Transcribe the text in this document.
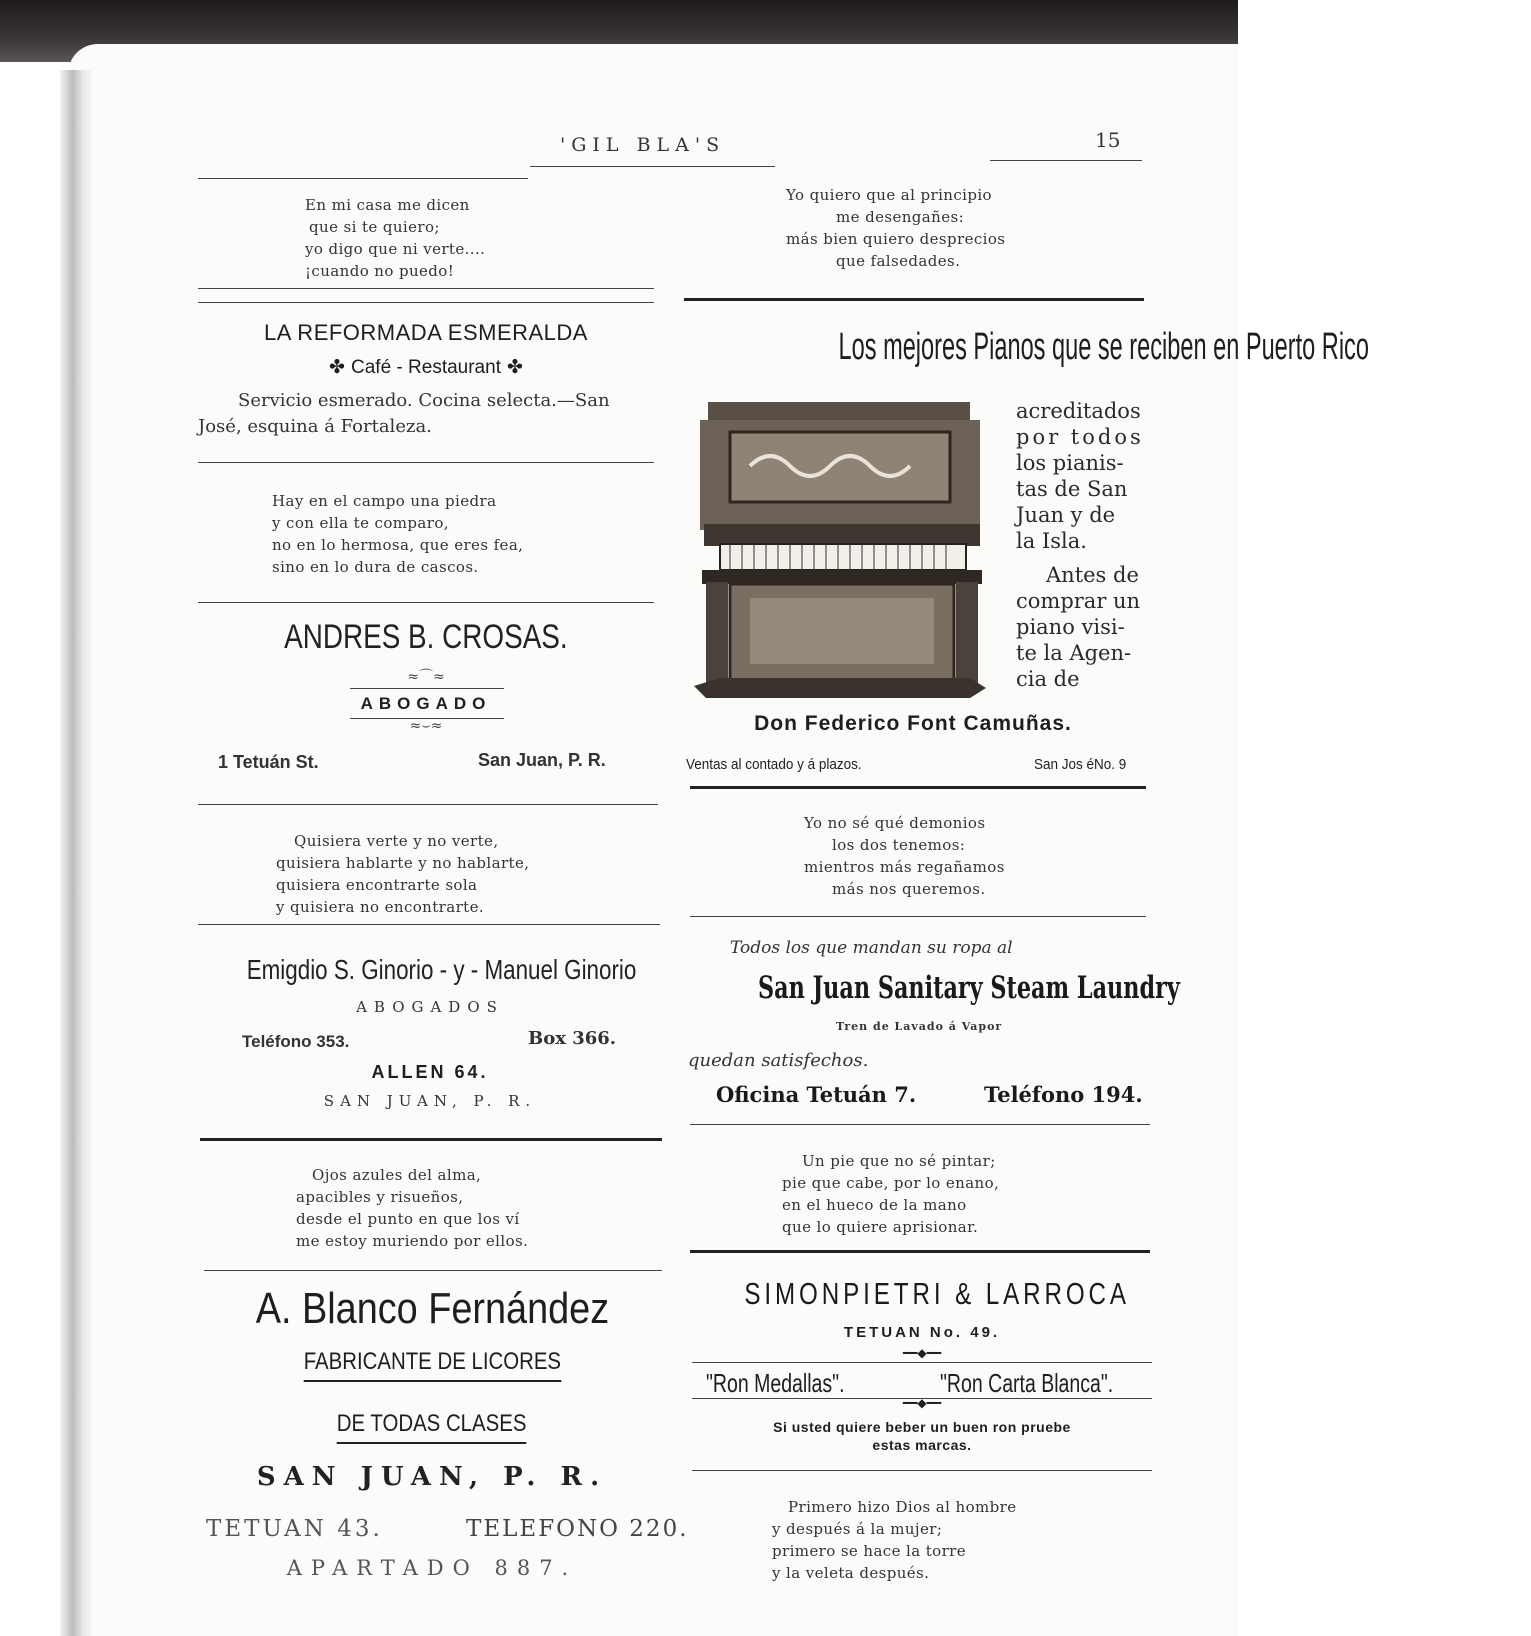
'GIL BLA'S	15
En mi casa me dicen
que si te quiero;
yo digo que ni verte....
¡cuando no puedo!
LA REFORMADA ESMERALDA
✤ Café - Restaurant ✤
Servicio esmerado. Cocina selecta.—San
José, esquina á Fortaleza.
Hay en el campo una piedra
y con ella te comparo,
no en lo hermosa, que eres fea,
sino en lo dura de cascos.
ANDRES B. CROSAS.
≈⌒≈
ABOGADO
≈⌣≈
1 Tetuán St.	San Juan, P. R.
Quisiera verte y no verte,
quisiera hablarte y no hablarte,
quisiera encontrarte sola
y quisiera no encontrarte.
Emigdio S. Ginorio - y - Manuel Ginorio
ABOGADOS
Teléfono 353.	Box 366.
ALLEN 64.
SAN JUAN, P. R.
Ojos azules del alma,
apacibles y risueños,
desde el punto en que los ví
me estoy muriendo por ellos.
A. Blanco Fernández
FABRICANTE DE LICORES
DE TODAS CLASES
SAN JUAN, P. R.
TETUAN 43.	TELEFONO 220.
APARTADO 887.
Yo quiero que al principio
me desengañes:
más bien quiero desprecios
que falsedades.
Los mejores Pianos que se reciben en Puerto Rico
acreditados
por todos
los pianis-
tas de San
Juan y de
la Isla.
Antes de
comprar un
piano visi-
te la Agen-
cia de
Don Federico Font Camuñas.
Ventas al contado y á plazos.	San Jos éNo. 9
Yo no sé qué demonios
los dos tenemos:
mientros más regañamos
más nos queremos.
Todos los que mandan su ropa al
San Juan Sanitary Steam Laundry
Tren de Lavado á Vapor
quedan satisfechos.
Oficina Tetuán 7.	Teléfono 194.
Un pie que no sé pintar;
pie que cabe, por lo enano,
en el hueco de la mano
que lo quiere aprisionar.
SIMONPIETRI & LARROCA
TETUAN No. 49.
━━◆━━
"Ron Medallas".	"Ron Carta Blanca".
━━◆━━
Si usted quiere beber un buen ron pruebe
estas marcas.
Primero hizo Dios al hombre
y después á la mujer;
primero se hace la torre
y la veleta después.
